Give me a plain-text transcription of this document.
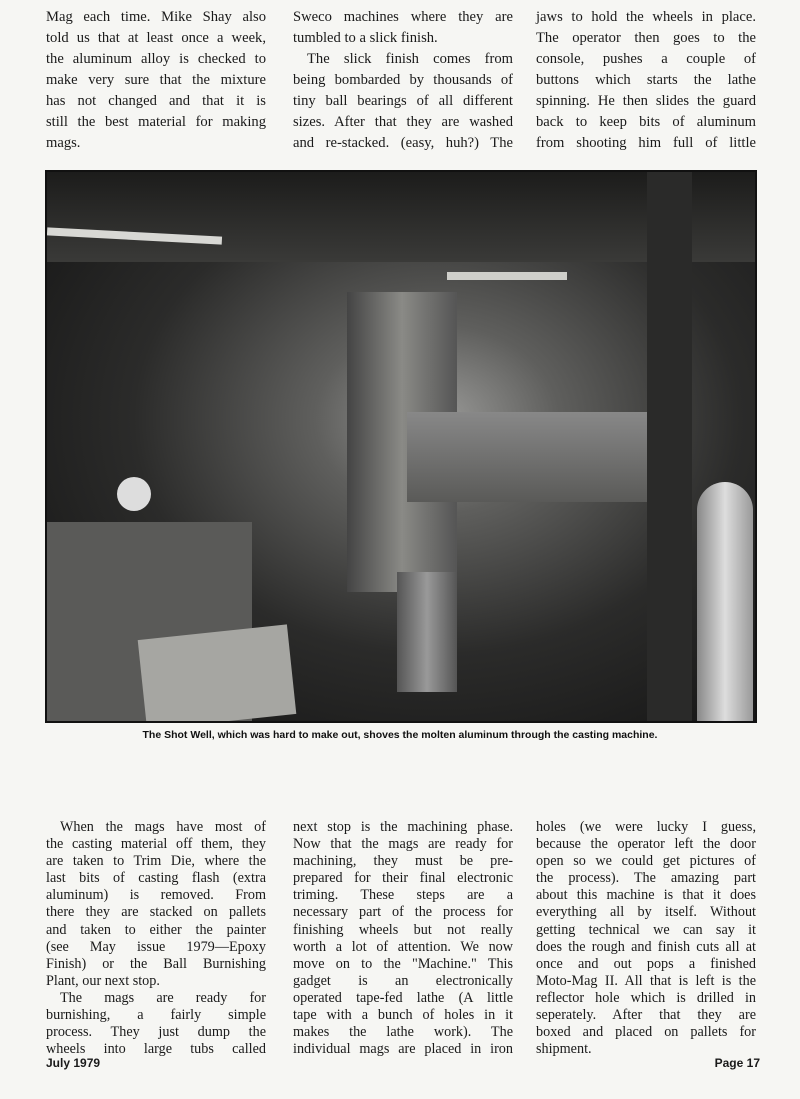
Mag each time. Mike Shay also
told us that at least once a week,
the aluminum alloy is checked to
make very sure that the mixture
has not changed and that it is
still the best material for making
mags.
Sweco machines where they are
tumbled to a slick finish.
The slick finish comes from
being bombarded by thousands of
tiny ball bearings of all different
sizes. After that they are washed
and re-stacked. (easy, huh?) The
jaws to hold the wheels in place.
The operator then goes to the
console, pushes a couple of
buttons which starts the lathe
spinning. He then slides the guard
back to keep bits of aluminum
from shooting him full of little
The Shot Well, which was hard to make out, shoves the molten aluminum through the casting machine.
When the mags have most of
the casting material off them, they
are taken to Trim Die, where the
last bits of casting flash (extra
aluminum) is removed. From
there they are stacked on pallets
and taken to either the painter
(see May issue 1979—Epoxy
Finish) or the Ball Burnishing
Plant, our next stop.
The mags are ready for
burnishing, a fairly simple
process. They just dump the
wheels into large tubs called
next stop is the machining phase.
Now that the mags are ready for
machining, they must be pre-
prepared for their final electronic
triming. These steps are a
necessary part of the process for
finishing wheels but not really
worth a lot of attention. We now
move on to the "Machine." This
gadget is an electronically
operated tape-fed lathe (A little
tape with a bunch of holes in it
makes the lathe work). The
individual mags are placed in iron
holes (we were lucky I guess,
because the operator left the door
open so we could get pictures of
the process). The amazing part
about this machine is that it does
everything all by itself. Without
getting technical we can say it
does the rough and finish cuts all at
once and out pops a finished
Moto-Mag II. All that is left is the
reflector hole which is drilled in
seperately. After that they are
boxed and placed on pallets for
shipment.
July 1979	Page 17
